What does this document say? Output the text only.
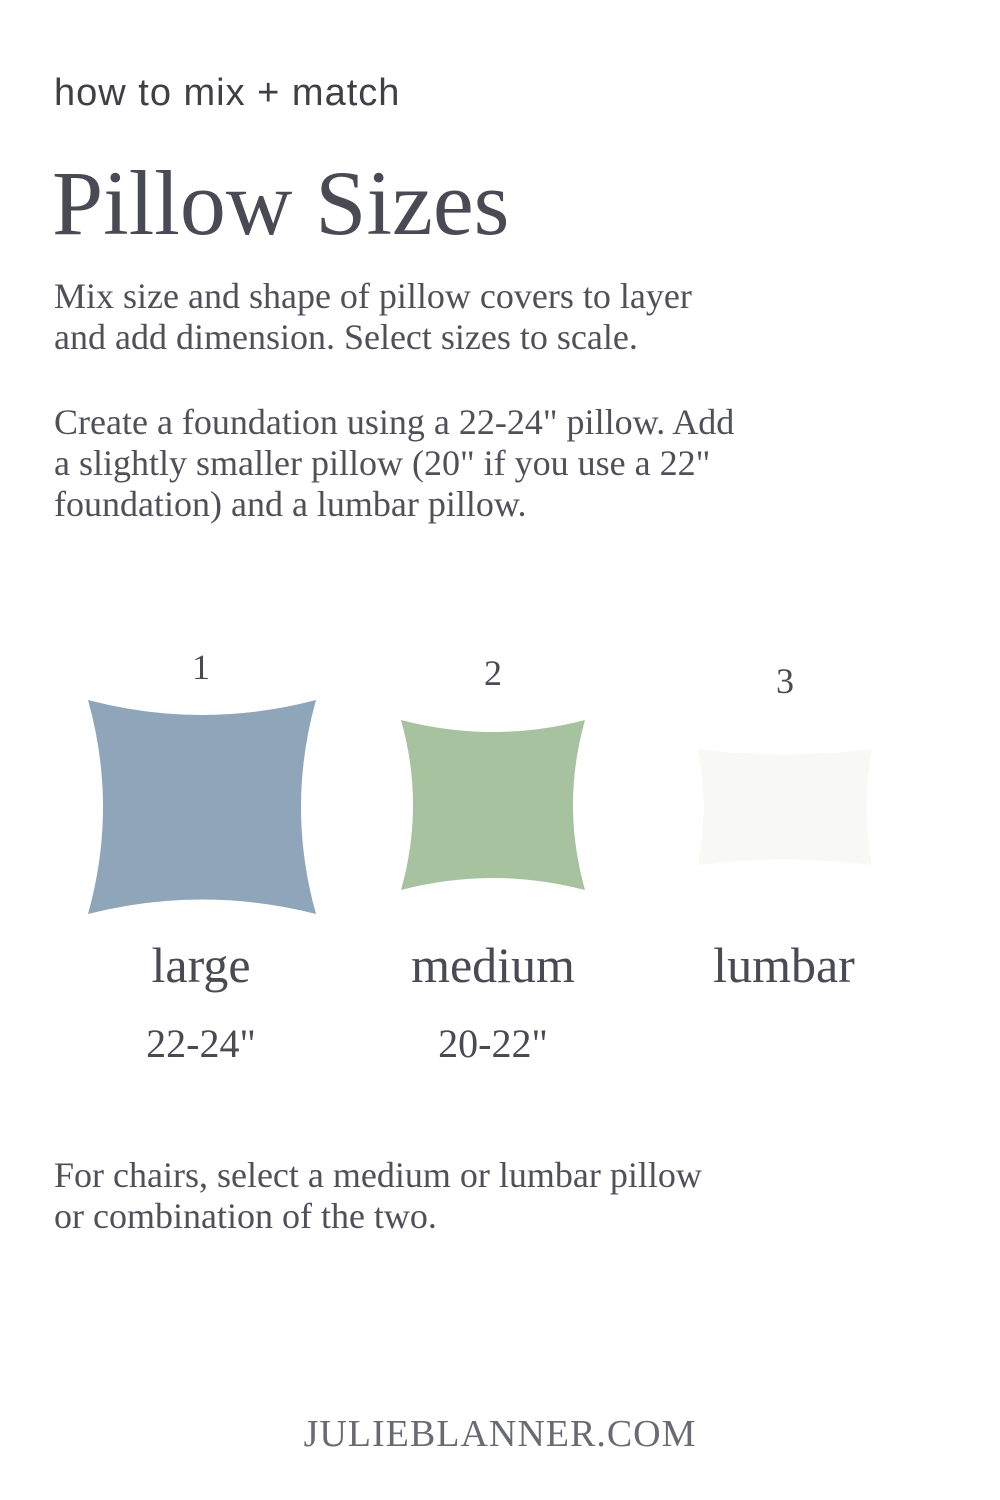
how to mix + match
Pillow Sizes

Mix size and shape of pillow covers to layer
and add dimension. Select sizes to scale.

Create a foundation using a 22-24" pillow. Add
a slightly smaller pillow (20" if you use a 22"
foundation) and a lumbar pillow.

1
large
22-24"
2
medium
20-22"
3
lumbar

For chairs, select a medium or lumbar pillow
or combination of the two.

JULIEBLANNER.COM
